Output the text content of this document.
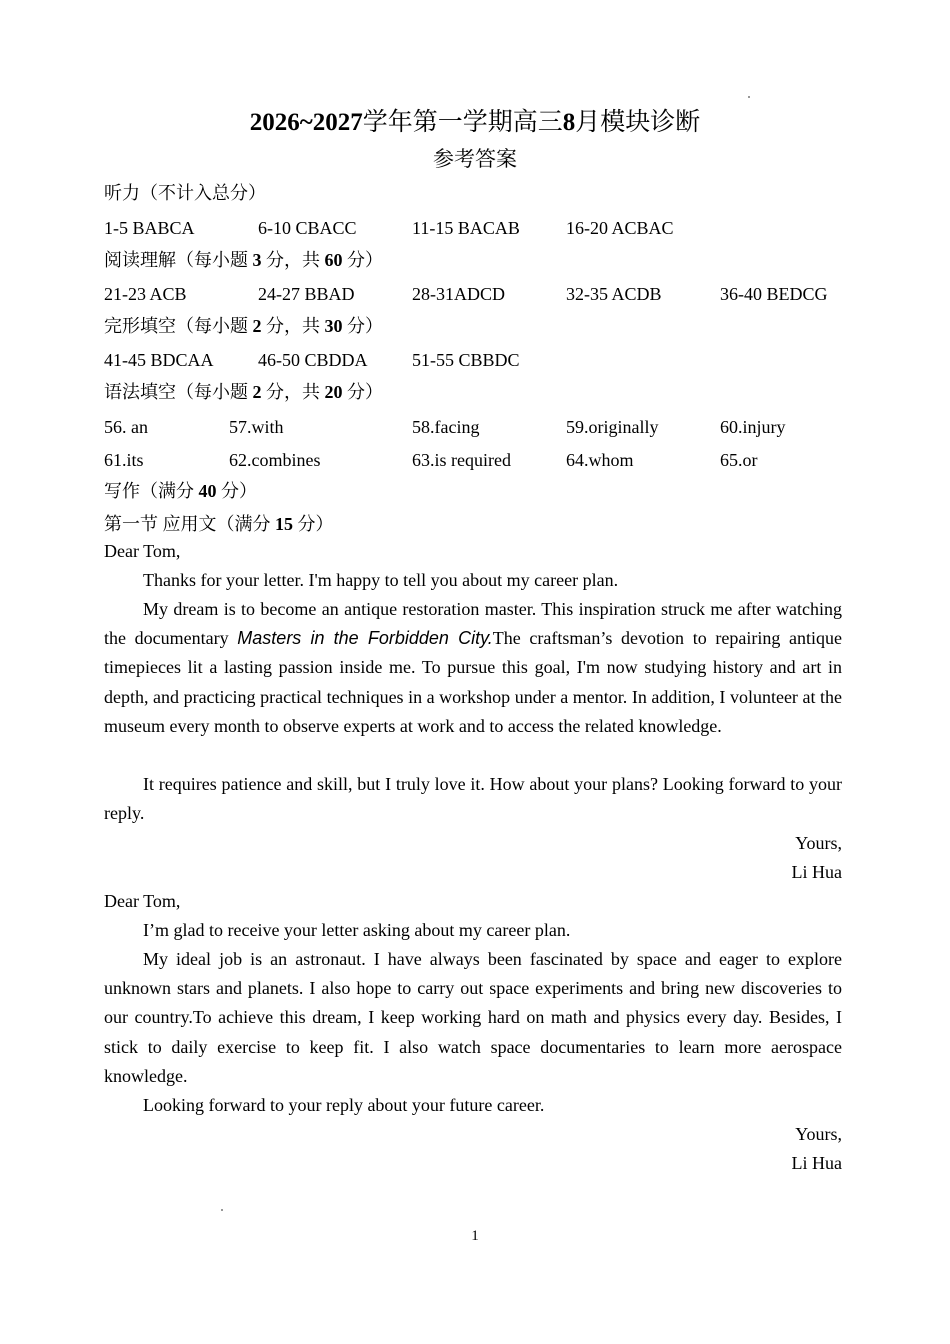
2026~2027学年第一学期高三8月模块诊断
参考答案
听力（不计入总分）
1-5 BABCA	6-10 CBACC	11-15 BACAB	16-20 ACBAC
阅读理解（每小题 3 分，共 60 分）
21-23 ACB	24-27 BBAD	28-31ADCD	32-35 ACDB	36-40 BEDCG
完形填空（每小题 2 分，共 30 分）
41-45 BDCAA 46-50 CBDDA 51-55 CBBDC
语法填空（每小题 2 分，共 20 分）
56. an	57.with	58.facing	59.originally	60.injury
61.its	62.combines	63.is required	64.whom	65.or
写作（满分 40 分）
第一节 应用文（满分 15 分）
Dear Tom,
Thanks for your letter. I'm happy to tell you about my career plan.
My dream is to become an antique restoration master. This inspiration struck me after watching the documentary Masters in the Forbidden City.The craftsman’s devotion to repairing antique timepieces lit a lasting passion inside me. To pursue this goal, I'm now studying history and art in depth, and practicing practical techniques in a workshop under a mentor. In addition, I volunteer at the museum every month to observe experts at work and to access the related knowledge.
It requires patience and skill, but I truly love it. How about your plans? Looking forward to your reply.
Yours,
Li Hua
Dear Tom,
I’m glad to receive your letter asking about my career plan.
My ideal job is an astronaut. I have always been fascinated by space and eager to explore unknown stars and planets. I also hope to carry out space experiments and bring new discoveries to our country.To achieve this dream, I keep working hard on math and physics every day. Besides, I stick to daily exercise to keep fit. I also watch space documentaries to learn more aerospace knowledge.
Looking forward to your reply about your future career.
Yours,
Li Hua
1
